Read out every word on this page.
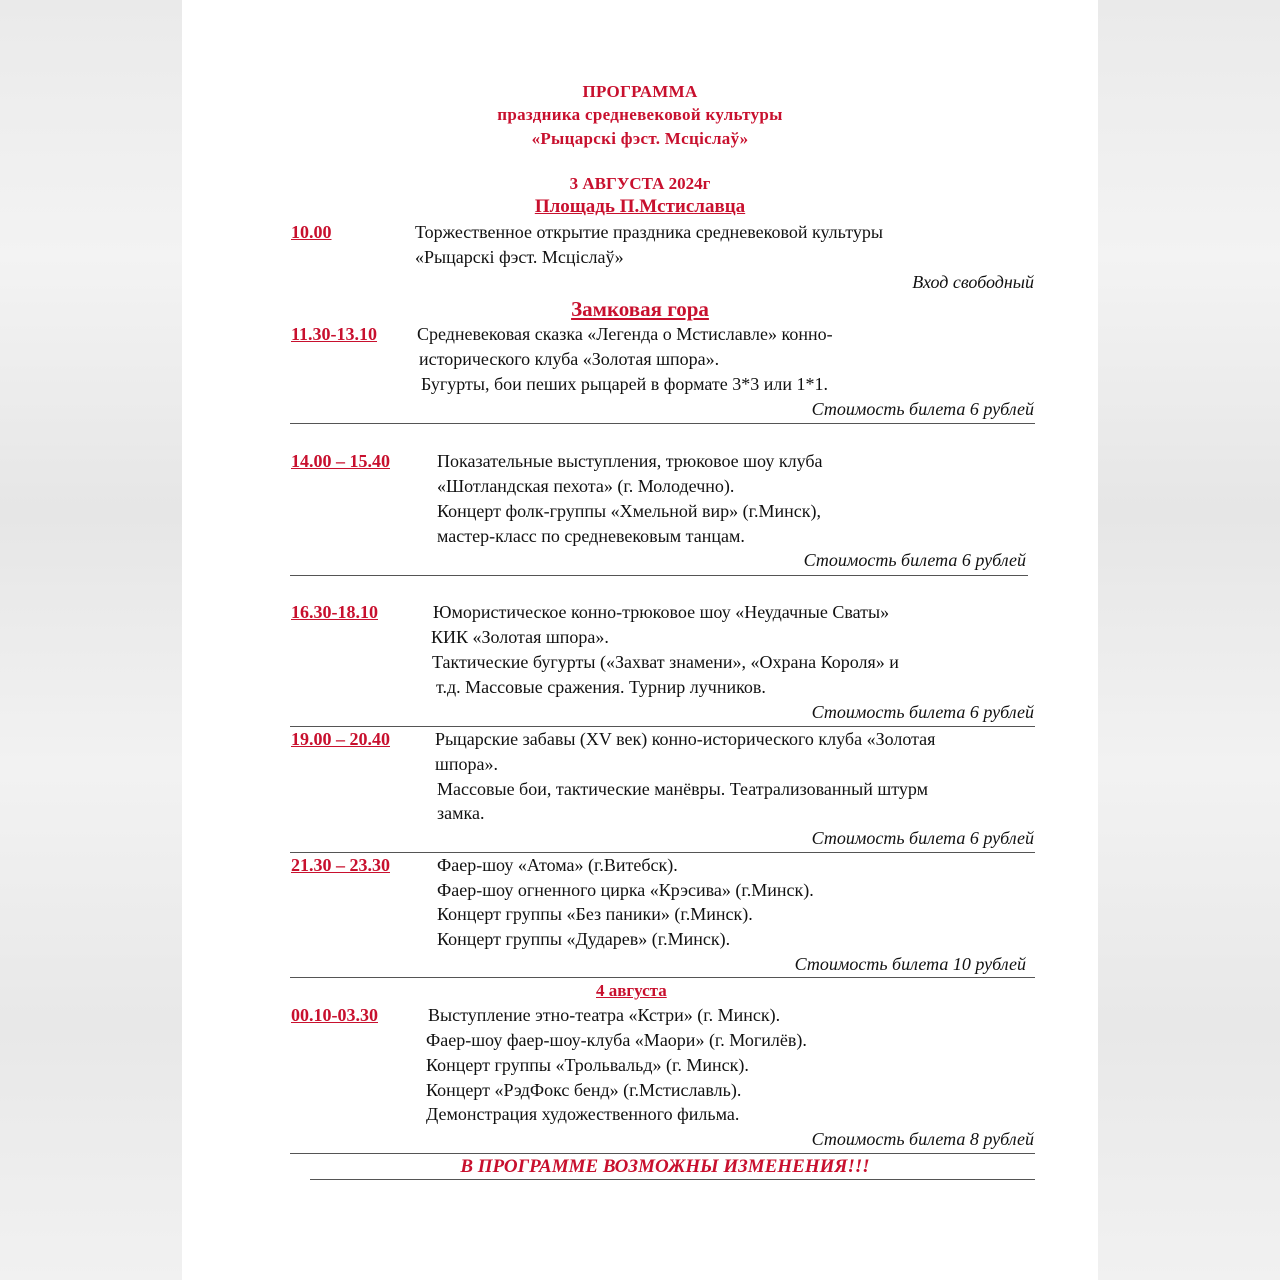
ПРОГРАММА
праздника средневековой культуры
«Рыцарскі фэст. Мсціслаў»
3 АВГУСТА 2024г
Площадь П.Мстиславца
10.00	Торжественное открытие праздника средневековой культуры
«Рыцарскі фэст. Мсціслаў»
Вход свободный
Замковая гора
11.30-13.10 Средневековая сказка «Легенда о Мстиславле» конно-
исторического клуба «Золотая шпора».
Бугурты, бои пеших рыцарей в формате 3*3 или 1*1.
Стоимость билета 6 рублей
14.00 – 15.40	Показательные выступления, трюковое шоу клуба
«Шотландская пехота» (г. Молодечно).
Концерт фолк-группы «Хмельной вир» (г.Минск),
мастер-класс по средневековым танцам.
Стоимость билета 6 рублей
16.30-18.10	Юмористическое конно-трюковое шоу «Неудачные Сваты»
КИК «Золотая шпора».
Тактические бугурты («Захват знамени», «Охрана Короля» и
т.д. Массовые сражения. Турнир лучников.
Стоимость билета 6 рублей
19.00 – 20.40	Рыцарские забавы (XV век) конно-исторического клуба «Золотая
шпора».
Массовые бои, тактические манёвры. Театрализованный штурм
замка.
Стоимость билета 6 рублей
21.30 – 23.30	Фаер-шоу «Атома» (г.Витебск).
Фаер-шоу огненного цирка «Крэсива» (г.Минск).
Концерт группы «Без паники» (г.Минск).
Концерт группы «Дударев» (г.Минск).
Стоимость билета 10 рублей
4 августа
00.10-03.30	Выступление этно-театра «Кстри» (г. Минск).
Фаер-шоу фаер-шоу-клуба «Маори» (г. Могилёв).
Концерт группы «Трольвальд» (г. Минск).
Концерт «РэдФокс бенд» (г.Мстиславль).
Демонстрация художественного фильма.
Стоимость билета 8 рублей
В ПРОГРАММЕ ВОЗМОЖНЫ ИЗМЕНЕНИЯ!!!
